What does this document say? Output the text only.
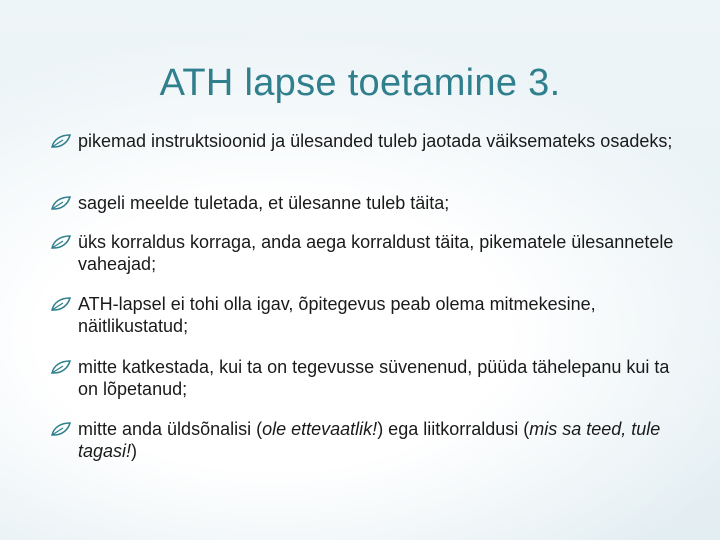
ATH lapse toetamine 3.
pikemad instruktsioonid ja ülesanded tuleb jaotada väiksemateks osadeks;
sageli meelde tuletada, et ülesanne tuleb täita;
üks korraldus korraga, anda aega korraldust täita, pikematele ülesannetele vaheajad;
ATH-lapsel ei tohi olla igav, õpitegevus peab olema mitmekesine, näitlikustatud;
mitte katkestada, kui ta on tegevusse süvenenud, püüda tähelepanu kui ta on lõpetanud;
mitte anda üldsõnalisi (ole ettevaatlik!) ega liitkorraldusi (mis sa teed, tule tagasi!)
